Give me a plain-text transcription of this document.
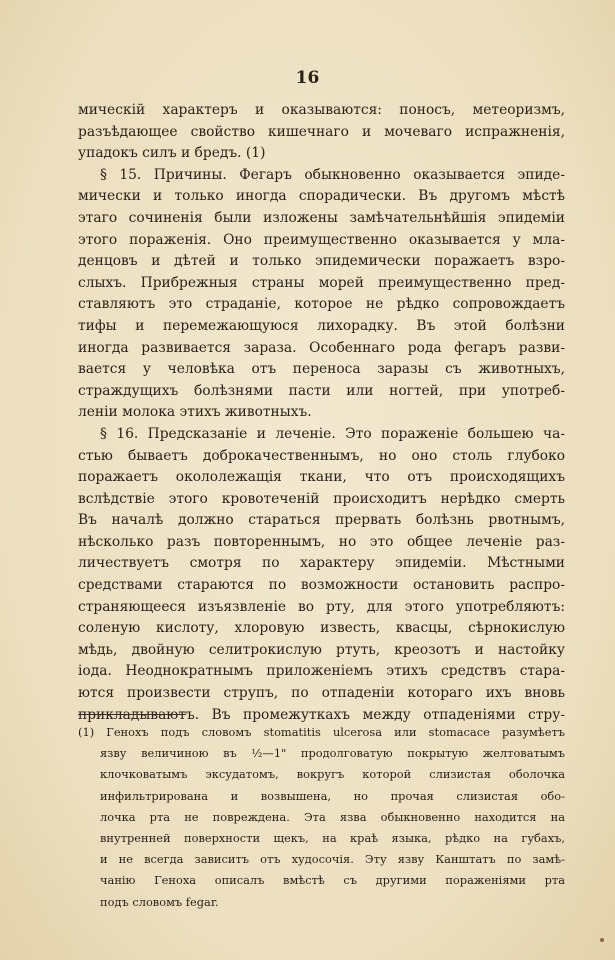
16
мическій характеръ и оказываются: поносъ, метеоризмъ,
разъѣдающее свойство кишечнаго и мочеваго испражненія,
упадокъ силъ и бредъ. (1)
§ 15. Причины. Фегаръ обыкновенно оказывается эпиде-
мически и только иногда спорадически. Въ другомъ мѣстѣ
этаго сочиненія были изложены замѣчательнѣйшія эпидеміи
этого пораженія. Оно преимущественно оказывается у мла-
денцовъ и дѣтей и только эпидемически поражаетъ взро-
слыхъ. Прибрежныя страны морей преимущественно пред-
ставляютъ это страданіе, которое не рѣдко сопровождаетъ
тифы и перемежающуюся лихорадку. Въ этой болѣзни
иногда развивается зараза. Особеннаго рода фегаръ разви-
вается у человѣка отъ переноса заразы съ животныхъ,
страждущихъ болѣзнями пасти или ногтей, при употреб-
леніи молока этихъ животныхъ.
§ 16. Предсказаніе и леченіе. Это пораженіе большею ча-
стью бываетъ доброкачественнымъ, но оно столь глубоко
поражаетъ окололежащія ткани, что отъ происходящихъ
вслѣдствіе этого кровотеченій происходитъ нерѣдко смерть
Въ началѣ должно стараться прервать болѣзнь рвотнымъ,
нѣсколько разъ повтореннымъ, но это общее леченіе раз-
личествуетъ смотря по характеру эпидеміи. Мѣстными
средствами стараются по возможности остановить распро-
страняющееся изъязвленіе во рту, для этого употребляютъ:
соленую кислоту, хлоровую известь, квасцы, сѣрнокислую
мѣдь, двойную селитрокислую ртуть, креозотъ и настойку
іода. Неоднократнымъ приложеніемъ этихъ средствъ стара-
ются произвести струпъ, по отпаденіи котораго ихъ вновь
прикладываютъ. Въ промежуткахъ между отпаденіями стру-
(1) Геноxъ подъ словомъ stomatitis ulcerosa или stomacace разумѣетъ
язву величиною въ ½—1" продолговатую покрытую желтоватымъ
клочковатымъ эксудатомъ, вокругъ которой слизистая оболочка
инфильтрирована и возвышена, но прочая слизистая обо-
лочка рта не повреждена. Эта язва обыкновенно находится на
внутренней поверхности щекъ, на краѣ языка, рѣдко на губахъ,
и не всегда зависитъ отъ худосочія. Эту язву Канштатъ по замѣ-
чанію Геноха описалъ вмѣстѣ съ другими пораженіями рта
подъ словомъ fegar.
